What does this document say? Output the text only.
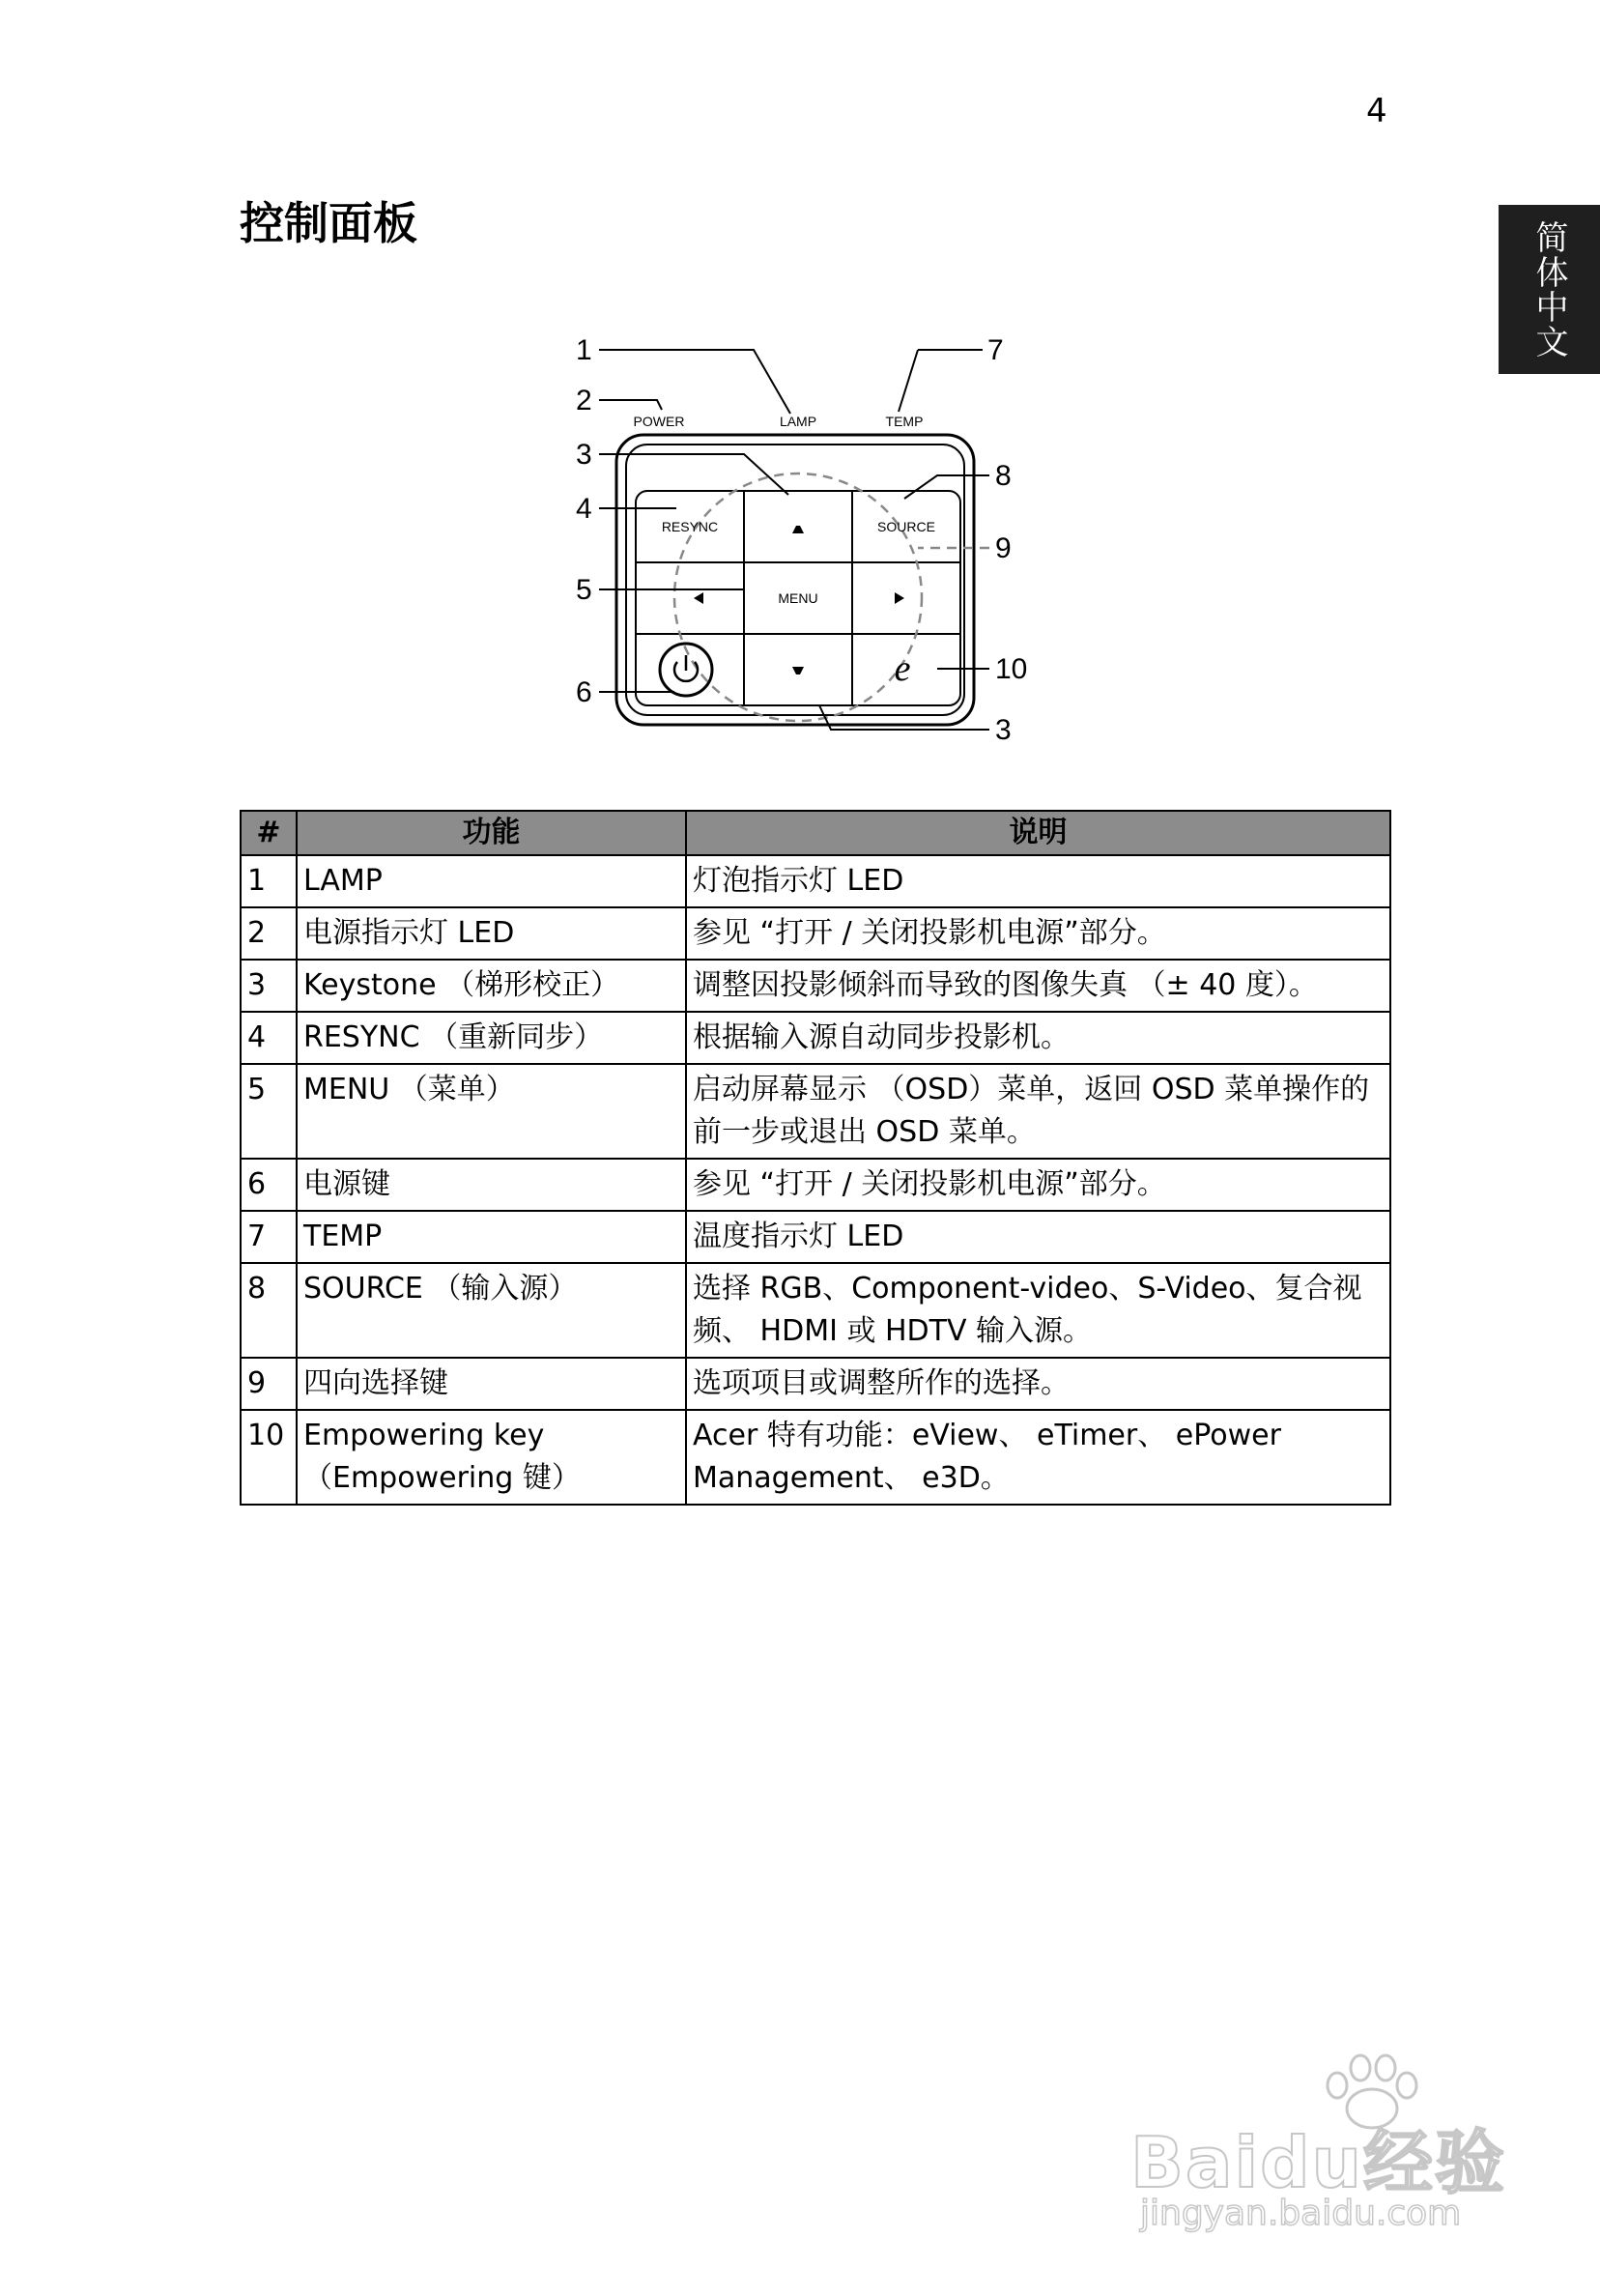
4
简体中文
控制面板
POWER	LAMP	TEMP
RESYNC	SOURCE
MENU
e
1
2
3
4
5
6
7
8
9
10
3
#	功能	说明
1	LAMP	灯泡指示灯 LED
2	电源指示灯 LED	参见 “打开 / 关闭投影机电源”部分。
3	Keystone （梯形校正）	调整因投影倾斜而导致的图像失真 （± 40 度）。
4	RESYNC （重新同步）	根据输入源自动同步投影机。
5	MENU （菜单）	启动屏幕显示 （OSD）菜单，返回 OSD 菜单操作的前一步或退出 OSD 菜单。
6	电源键	参见 “打开 / 关闭投影机电源”部分。
7	TEMP	温度指示灯 LED
8	SOURCE （输入源）	选择 RGB、Component-video、S-Video、复合视频、 HDMI 或 HDTV 输入源。
9	四向选择键	选项项目或调整所作的选择。
10	Empowering key （Empowering 键）	Acer 特有功能：eView、 eTimer、 ePower Management、 e3D。
Baidu经验
jingyan.baidu.com
